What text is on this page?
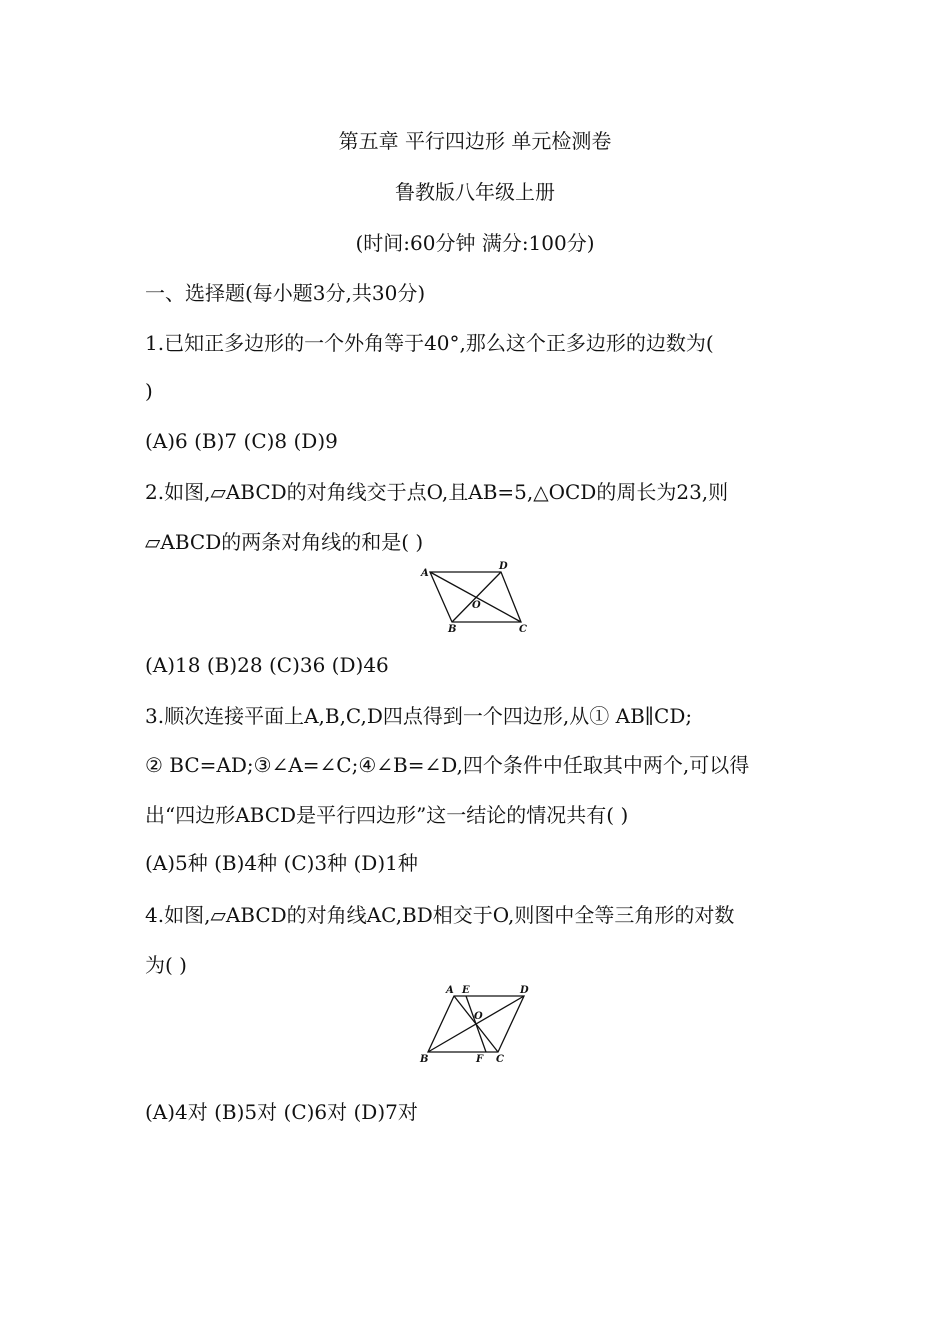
第五章 平行四边形 单元检测卷
鲁教版八年级上册
(时间:60分钟 满分:100分)
一、选择题(每小题3分,共30分)
1.已知正多边形的一个外角等于40°,那么这个正多边形的边数为(
)
(A)6 (B)7 (C)8 (D)9
2.如图,▱ABCD的对角线交于点O,且AB=5,△OCD的周长为23,则
▱ABCD的两条对角线的和是( )
A
D
O
B	C
(A)18 (B)28 (C)36 (D)46
3.顺次连接平面上A,B,C,D四点得到一个四边形,从① AB∥CD;
② BC=AD;③∠A=∠C;④∠B=∠D,四个条件中任取其中两个,可以得
出“四边形ABCD是平行四边形”这一结论的情况共有( )
(A)5种 (B)4种 (C)3种 (D)1种
4.如图,▱ABCD的对角线AC,BD相交于O,则图中全等三角形的对数
为( )
A E	D
O
B	F C
(A)4对 (B)5对 (C)6对 (D)7对
